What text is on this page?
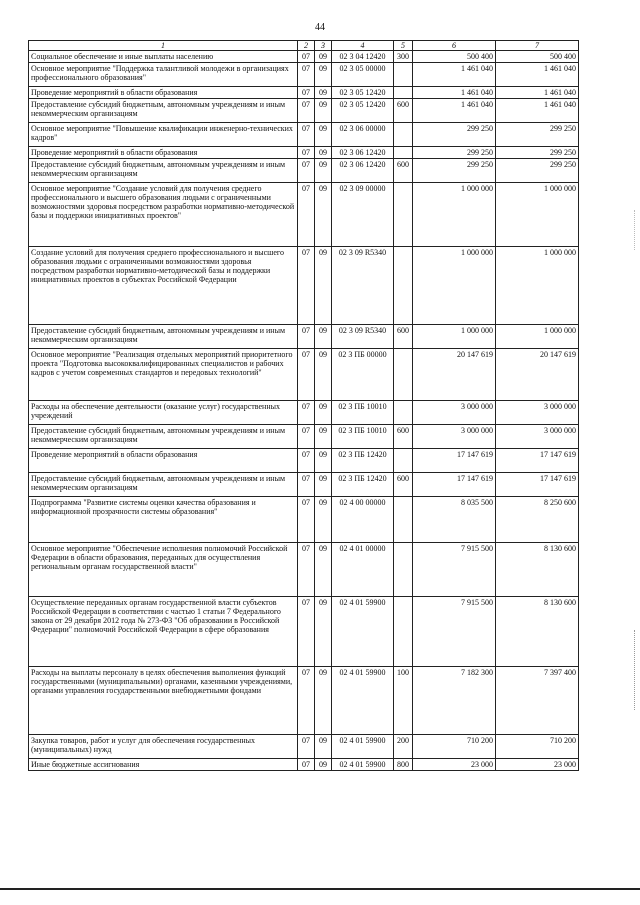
44
1	2	3	4	5	6	7
Социальное обеспечение и иные выплаты населению	07	09	02 3 04 12420	300	500 400	500 400
Основное мероприятие "Поддержка талантливой молодежи в организациях профессионального образования"	07	09	02 3 05 00000		1 461 040	1 461 040
Проведение мероприятий в области образования	07	09	02 3 05 12420		1 461 040	1 461 040
Предоставление субсидий бюджетным, автономным учреждениям и иным некоммерческим организациям	07	09	02 3 05 12420	600	1 461 040	1 461 040
Основное мероприятие "Повышение квалификации инженерно-технических кадров"	07	09	02 3 06 00000		299 250	299 250
Проведение мероприятий в области образования	07	09	02 3 06 12420		299 250	299 250
Предоставление субсидий бюджетным, автономным учреждениям и иным некоммерческим организациям	07	09	02 3 06 12420	600	299 250	299 250
Основное мероприятие "Создание условий для получения среднего профессионального и высшего образования людьми с ограниченными возможностями здоровья посредством разработки нормативно-методической базы и поддержки инициативных проектов"	07	09	02 3 09 00000		1 000 000	1 000 000
Создание условий для получения среднего профессионального и высшего образования людьми с ограниченными возможностями здоровья посредством разработки нормативно-методической базы и поддержки инициативных проектов в субъектах Российской Федерации	07	09	02 3 09 R5340		1 000 000	1 000 000
Предоставление субсидий бюджетным, автономным учреждениям и иным некоммерческим организациям	07	09	02 3 09 R5340	600	1 000 000	1 000 000
Основное мероприятие "Реализация отдельных мероприятий приоритетного проекта "Подготовка высококвалифицированных специалистов и рабочих кадров с учетом современных стандартов и передовых технологий"	07	09	02 3 ПБ 00000		20 147 619	20 147 619
Расходы на обеспечение деятельности (оказание услуг) государственных учреждений	07	09	02 3 ПБ 10010		3 000 000	3 000 000
Предоставление субсидий бюджетным, автономным учреждениям и иным некоммерческим организациям	07	09	02 3 ПБ 10010	600	3 000 000	3 000 000
Проведение мероприятий в области образования	07	09	02 3 ПБ 12420		17 147 619	17 147 619
Предоставление субсидий бюджетным, автономным учреждениям и иным некоммерческим организациям	07	09	02 3 ПБ 12420	600	17 147 619	17 147 619
Подпрограмма "Развитие системы оценки качества образования и информационной прозрачности системы образования"	07	09	02 4 00 00000		8 035 500	8 250 600
Основное мероприятие "Обеспечение исполнения полномочий Российской Федерации в области образования, переданных для осуществления региональным органам государственной власти"	07	09	02 4 01 00000		7 915 500	8 130 600
Осуществление переданных органам государственной власти субъектов Российской Федерации в соответствии с частью 1 статьи 7 Федерального закона от 29 декабря 2012 года № 273-ФЗ "Об образовании в Российской Федерации" полномочий Российской Федерации в сфере образования	07	09	02 4 01 59900		7 915 500	8 130 600
Расходы на выплаты персоналу в целях обеспечения выполнения функций государственными (муниципальными) органами, казенными учреждениями, органами управления государственными внебюджетными фондами	07	09	02 4 01 59900	100	7 182 300	7 397 400
Закупка товаров, работ и услуг для обеспечения государственных (муниципальных) нужд	07	09	02 4 01 59900	200	710 200	710 200
Иные бюджетные ассигнования	07	09	02 4 01 59900	800	23 000	23 000
